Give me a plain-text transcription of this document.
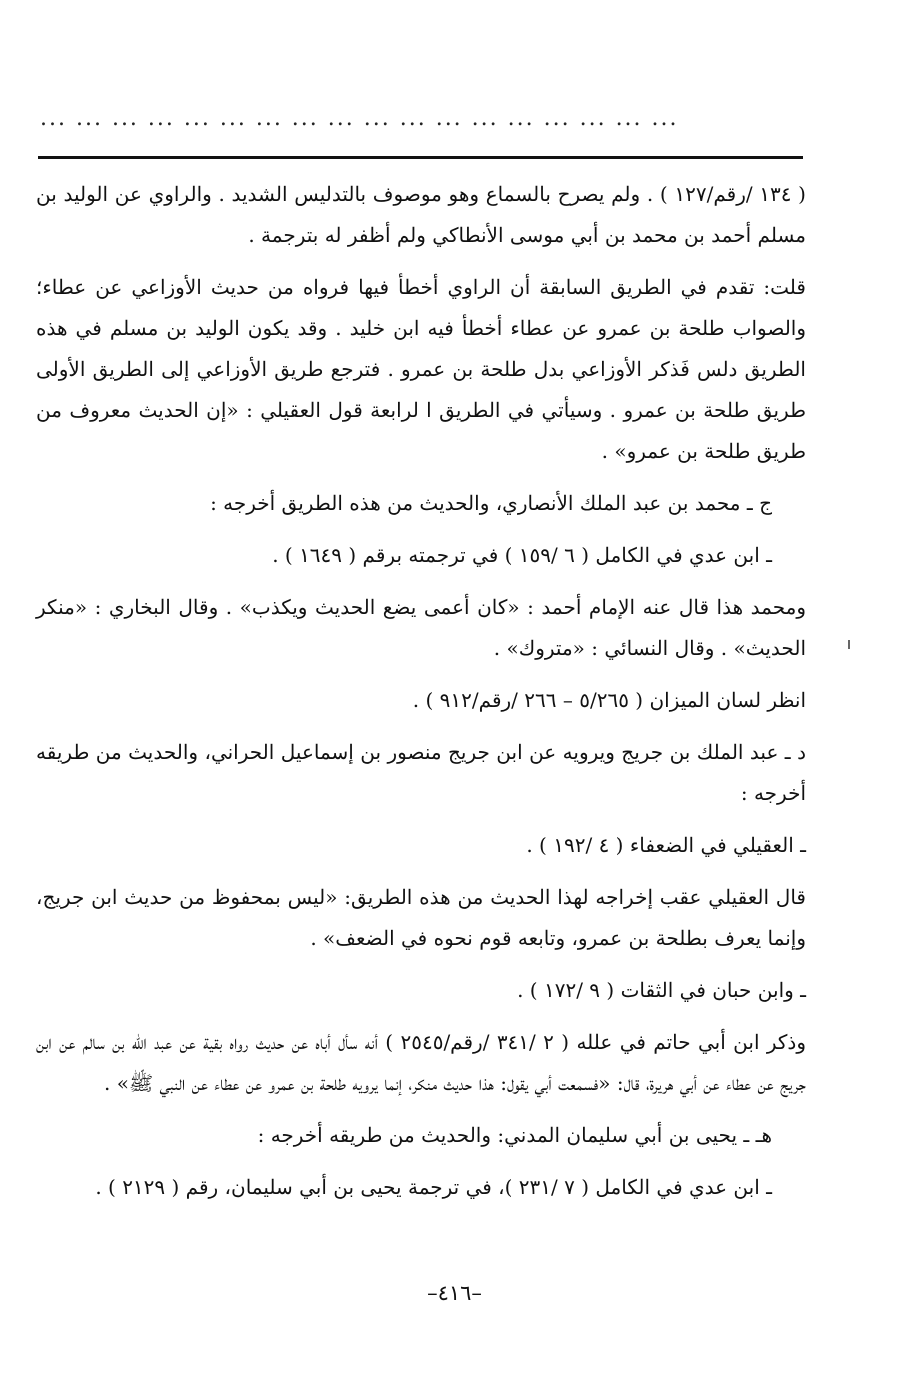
... ... ... ... ... ... ... ... ... ... ... ... ... ... ... ... ... ...

( ١٣٤ /رقم/١٢٧ ) . ولم يصرح بالسماع وهو موصوف بالتدليس الشديد . والراوي عن الوليد بن مسلم أحمد بن محمد بن أبي موسى الأنطاكي ولم أظفر له بترجمة .

قلت: تقدم في الطريق السابقة أن الراوي أخطأ فيها فرواه من حديث الأوزاعي عن عطاء؛ والصواب طلحة بن عمرو عن عطاء أخطأ فيه ابن خليد . وقد يكون الوليد بن مسلم في هذه الطريق دلس فَذكر الأوزاعي بدل طلحة بن عمرو . فترجع طريق الأوزاعي إلى الطريق الأولى طريق طلحة بن عمرو . وسيأتي في الطريق ا لرابعة قول العقيلي : «إن الحديث معروف من طريق طلحة بن عمرو» .

ج ـ محمد بن عبد الملك الأنصاري، والحديث من هذه الطريق أخرجه :

ـ ابن عدي في الكامل ( ٦ /١٥٩ ) في ترجمته برقم ( ١٦٤٩ ) .

ومحمد هذا قال عنه الإمام أحمد : «كان أعمى يضع الحديث ويكذب» . وقال البخاري : «منكر الحديث» . وقال النسائي : «متروك» .

انظر لسان الميزان ( ٥/٢٦٥ – ٢٦٦ /رقم/٩١٢ ) .

د ـ عبد الملك بن جريج ويرويه عن ابن جريج منصور بن إسماعيل الحراني، والحديث من طريقه أخرجه :

ـ العقيلي في الضعفاء ( ٤ /١٩٢ ) .

قال العقيلي عقب إخراجه لهذا الحديث من هذه الطريق: «ليس بمحفوظ من حديث ابن جريج، وإنما يعرف بطلحة بن عمرو، وتابعه قوم نحوه في الضعف» .

ـ وابن حبان في الثقات ( ٩ /١٧٢ ) .

وذكر ابن أبي حاتم في علله ( ٢ /٣٤١ /رقم/٢٥٤٥ ) أنه سأل أباه عن حديث رواه بقية عن عبد الله بن سالم عن ابن جريج عن عطاء عن أبي هريرة، قال: «فسمعت أبي يقول: هذا حديث منكر، إنما يرويه طلحة بن عمرو عن عطاء عن النبي ﷺ» .

هـ ـ يحيى بن أبي سليمان المدني: والحديث من طريقه أخرجه :

ـ ابن عدي في الكامل ( ٧ /٢٣١ )، في ترجمة يحيى بن أبي سليمان، رقم ( ٢١٢٩ ) .

–٤١٦–
